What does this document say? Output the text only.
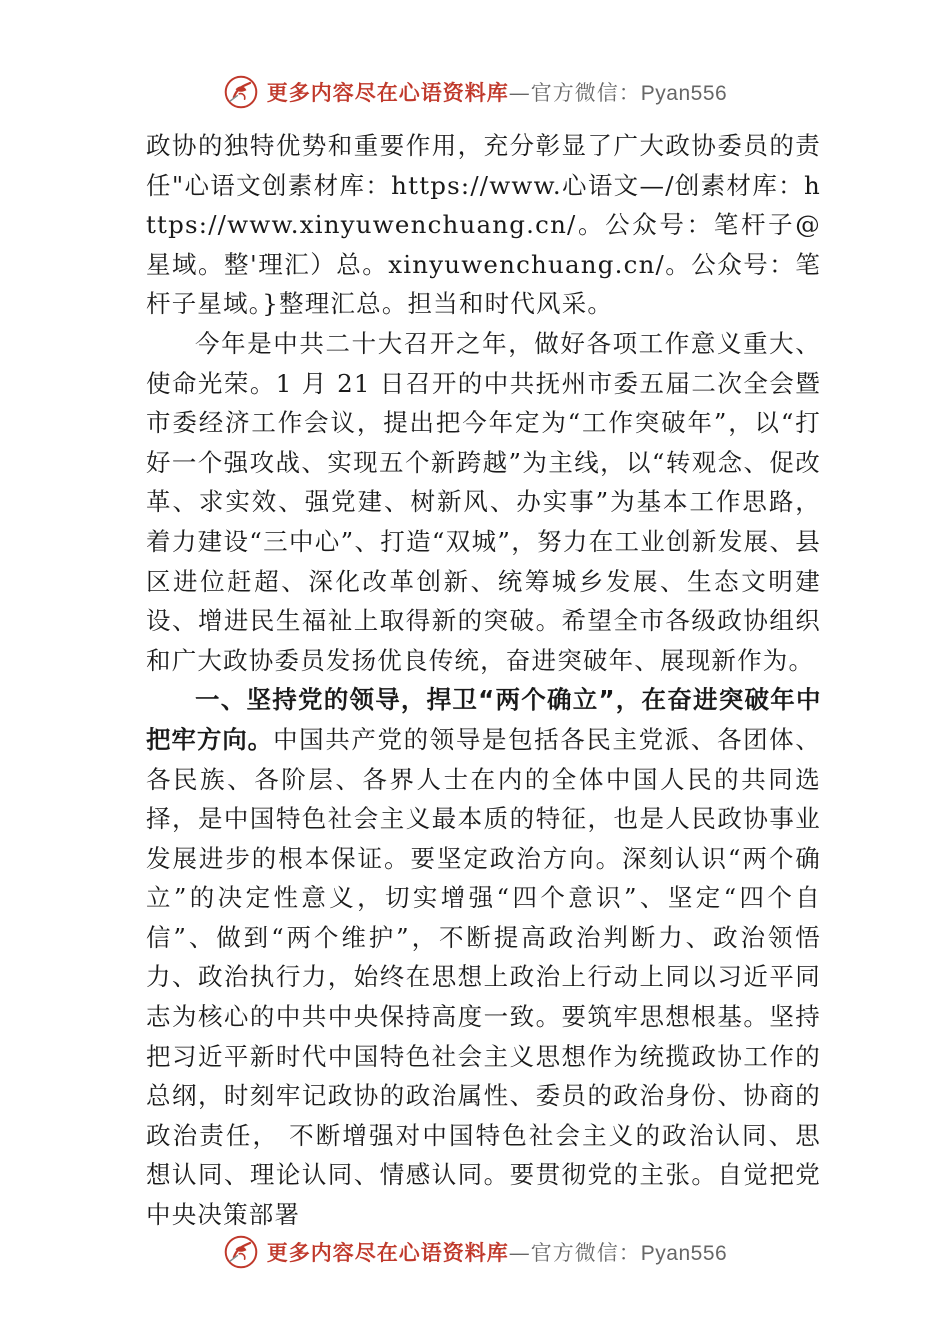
更多内容尽在心语资料库 — 官方微信： Pyan556

政协的独特优势和重要作用，充分彰显了广大政协委员的责任"心语文创素材库：https://www.心语文—/创素材库：https://www.xinyuwenchuang.cn/。公众号：笔杆子@星域。整'理汇）总。xinyuwenchuang.cn/。公众号：笔杆子星域。}整理汇总。担当和时代风采。

今年是中共二十大召开之年，做好各项工作意义重大、使命光荣。1 月 21 日召开的中共抚州市委五届二次全会暨市委经济工作会议，提出把今年定为“工作突破年”，以“打好一个强攻战、实现五个新跨越”为主线，以“转观念、促改革、求实效、强党建、树新风、办实事”为基本工作思路， 着力建设“三中心”、打造“双城”，努力在工业创新发展、县区进位赶超、深化改革创新、统筹城乡发展、生态文明建设、增进民生福祉上取得新的突破。希望全市各级政协组织和广大政协委员发扬优良传统，奋进突破年、展现新作为。

一、坚持党的领导，捍卫“两个确立”，在奋进突破年中把牢方向。中国共产党的领导是包括各民主党派、各团体、各民族、各阶层、各界人士在内的全体中国人民的共同选择，是中国特色社会主义最本质的特征，也是人民政协事业发展进步的根本保证。要坚定政治方向。深刻认识“两个确立”的决定性意义，切实增强“四个意识”、坚定“四个自信”、做到“两个维护”，不断提高政治判断力、政治领悟力、政治执行力，始终在思想上政治上行动上同以习近平同志为核心的中共中央保持高度一致。要筑牢思想根基。坚持把习近平新时代中国特色社会主义思想作为统揽政协工作的总纲，时刻牢记政协的政治属性、委员的政治身份、协商的政治责任， 不断增强对中国特色社会主义的政治认同、思想认同、理论认同、情感认同。要贯彻党的主张。自觉把党中央决策部署

更多内容尽在心语资料库 — 官方微信： Pyan556
